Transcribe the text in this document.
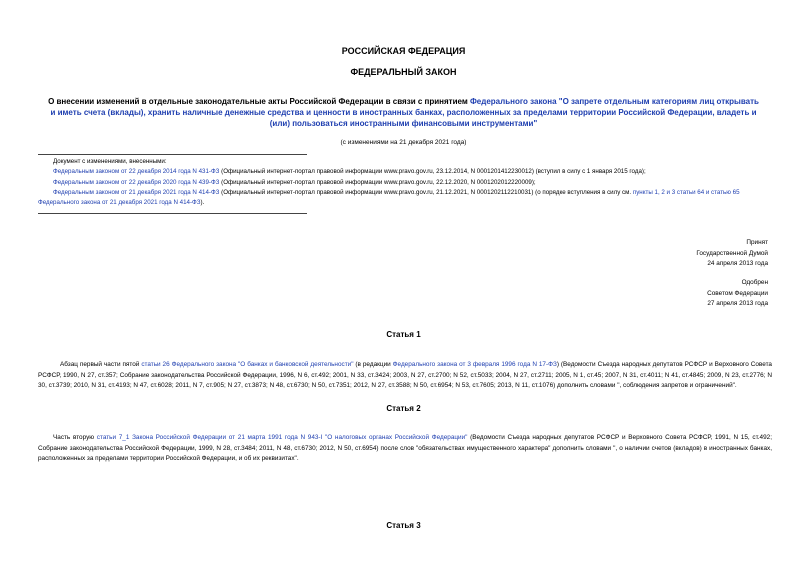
РОССИЙСКАЯ ФЕДЕРАЦИЯ
ФЕДЕРАЛЬНЫЙ ЗАКОН
О внесении изменений в отдельные законодательные акты Российской Федерации в связи с принятием Федерального закона "О запрете отдельным категориям лиц открывать и иметь счета (вклады), хранить наличные денежные средства и ценности в иностранных банках, расположенных за пределами территории Российской Федерации, владеть и (или) пользоваться иностранными финансовыми инструментами"
(с изменениями на 21 декабря 2021 года)
Документ с изменениями, внесенными:
Федеральным законом от 22 декабря 2014 года N 431-ФЗ (Официальный интернет-портал правовой информации www.pravo.gov.ru, 23.12.2014, N 0001201412230012) (вступил в силу с 1 января 2015 года);
Федеральным законом от 22 декабря 2020 года N 439-ФЗ (Официальный интернет-портал правовой информации www.pravo.gov.ru, 22.12.2020, N 0001202012220009);
Федеральным законом от 21 декабря 2021 года N 414-ФЗ (Официальный интернет-портал правовой информации www.pravo.gov.ru, 21.12.2021, N 0001202112210031) (о порядке вступления в силу см. пункты 1, 2 и 3 статьи 64 и статью 65 Федерального закона от 21 декабря 2021 года N 414-ФЗ).
Принят
Государственной Думой
24 апреля 2013 года
Одобрен
Советом Федерации
27 апреля 2013 года
Статья 1
Абзац первый части пятой статьи 26 Федерального закона "О банках и банковской деятельности" (в редакции Федерального закона от 3 февраля 1996 года N 17-ФЗ) (Ведомости Съезда народных депутатов РСФСР и Верховного Совета РСФСР, 1990, N 27, ст.357; Собрание законодательства Российской Федерации, 1996, N 6, ст.492; 2001, N 33, ст.3424; 2003, N 27, ст.2700; N 52, ст.5033; 2004, N 27, ст.2711; 2005, N 1, ст.45; 2007, N 31, ст.4011; N 41, ст.4845; 2009, N 23, ст.2776; N 30, ст.3739; 2010, N 31, ст.4193; N 47, ст.6028; 2011, N 7, ст.905; N 27, ст.3873; N 48, ст.6730; N 50, ст.7351; 2012, N 27, ст.3588; N 50, ст.6954; N 53, ст.7605; 2013, N 11, ст.1076) дополнить словами ", соблюдения запретов и ограничений".
Статья 2
Часть вторую статьи 7_1 Закона Российской Федерации от 21 марта 1991 года N 943-I "О налоговых органах Российской Федерации" (Ведомости Съезда народных депутатов РСФСР и Верховного Совета РСФСР, 1991, N 15, ст.492; Собрание законодательства Российской Федерации, 1999, N 28, ст.3484; 2011, N 48, ст.6730; 2012, N 50, ст.6954) после слов "обязательствах имущественного характера" дополнить словами ", о наличии счетов (вкладов) в иностранных банках, расположенных за пределами территории Российской Федерации, и об их реквизитах".
Статья 3
